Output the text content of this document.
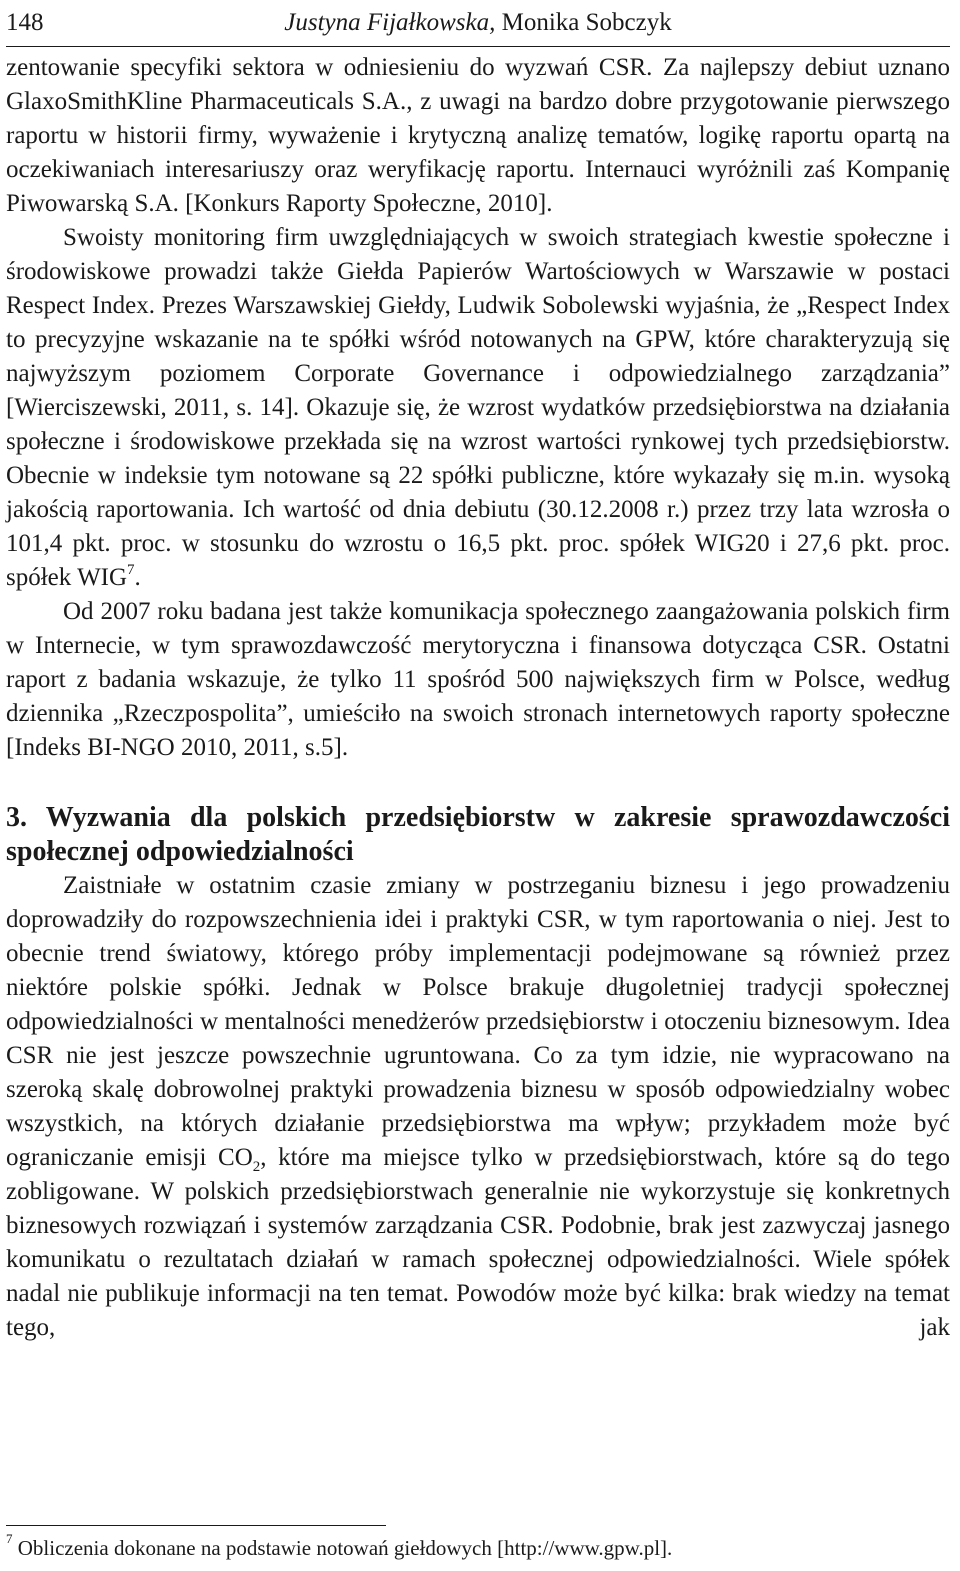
148	Justyna Fijałkowska, Monika Sobczyk

zentowanie specyfiki sektora w odniesieniu do wyzwań CSR. Za najlepszy debiut uznano GlaxoSmithKline Pharmaceuticals S.A., z uwagi na bardzo dobre przygotowanie pierwszego raportu w historii firmy, wyważenie i krytyczną analizę tematów, logikę raportu opartą na oczekiwaniach interesariuszy oraz weryfikację raportu. Internauci wyróżnili zaś Kompanię Piwowarską S.A. [Konkurs Raporty Społeczne, 2010].

Swoisty monitoring firm uwzględniających w swoich strategiach kwestie społeczne i środowiskowe prowadzi także Giełda Papierów Wartościowych w Warszawie w postaci Respect Index. Prezes Warszawskiej Giełdy, Ludwik Sobolewski wyjaśnia, że „Respect Index to precyzyjne wskazanie na te spółki wśród notowanych na GPW, które charakteryzują się najwyższym poziomem Corporate Governance i odpowiedzialnego zarządzania” [Wierciszewski, 2011, s. 14]. Okazuje się, że wzrost wydatków przedsiębiorstwa na działania społeczne i środowiskowe przekłada się na wzrost wartości rynkowej tych przedsiębiorstw. Obecnie w indeksie tym notowane są 22 spółki publiczne, które wykazały się m.in. wysoką jakością raportowania. Ich wartość od dnia debiutu (30.12.2008 r.) przez trzy lata wzrosła o 101,4 pkt. proc. w stosunku do wzrostu o 16,5 pkt. proc. spółek WIG20 i 27,6 pkt. proc. spółek WIG$^7$.

Od 2007 roku badana jest także komunikacja społecznego zaangażowania polskich firm w Internecie, w tym sprawozdawczość merytoryczna i finansowa dotycząca CSR. Ostatni raport z badania wskazuje, że tylko 11 spośród 500 największych firm w Polsce, według dziennika „Rzeczpospolita”, umieściło na swoich stronach internetowych raporty społeczne [Indeks BI-NGO 2010, 2011, s.5].

3. Wyzwania dla polskich przedsiębiorstw w zakresie sprawozdawczości społecznej odpowiedzialności

Zaistniałe w ostatnim czasie zmiany w postrzeganiu biznesu i jego prowadzeniu doprowadziły do rozpowszechnienia idei i praktyki CSR, w tym raportowania o niej. Jest to obecnie trend światowy, którego próby implementacji podejmowane są również przez niektóre polskie spółki. Jednak w Polsce brakuje długoletniej tradycji społecznej odpowiedzialności w mentalności menedżerów przedsiębiorstw i otoczeniu biznesowym. Idea CSR nie jest jeszcze powszechnie ugruntowana. Co za tym idzie, nie wypracowano na szeroką skalę dobrowolnej praktyki prowadzenia biznesu w sposób odpowiedzialny wobec wszystkich, na których działanie przedsiębiorstwa ma wpływ; przykładem może być ograniczanie emisji $CO_2$, które ma miejsce tylko w przedsiębiorstwach, które są do tego zobligowane. W polskich przedsiębiorstwach generalnie nie wykorzystuje się konkretnych biznesowych rozwiązań i systemów zarządzania CSR. Podobnie, brak jest zazwyczaj jasnego komunikatu o rezultatach działań w ramach społecznej odpowiedzialności. Wiele spółek nadal nie publikuje informacji na ten temat. Powodów może być kilka: brak wiedzy na temat tego, jak

$^7$ Obliczenia dokonane na podstawie notowań giełdowych [http://www.gpw.pl].
